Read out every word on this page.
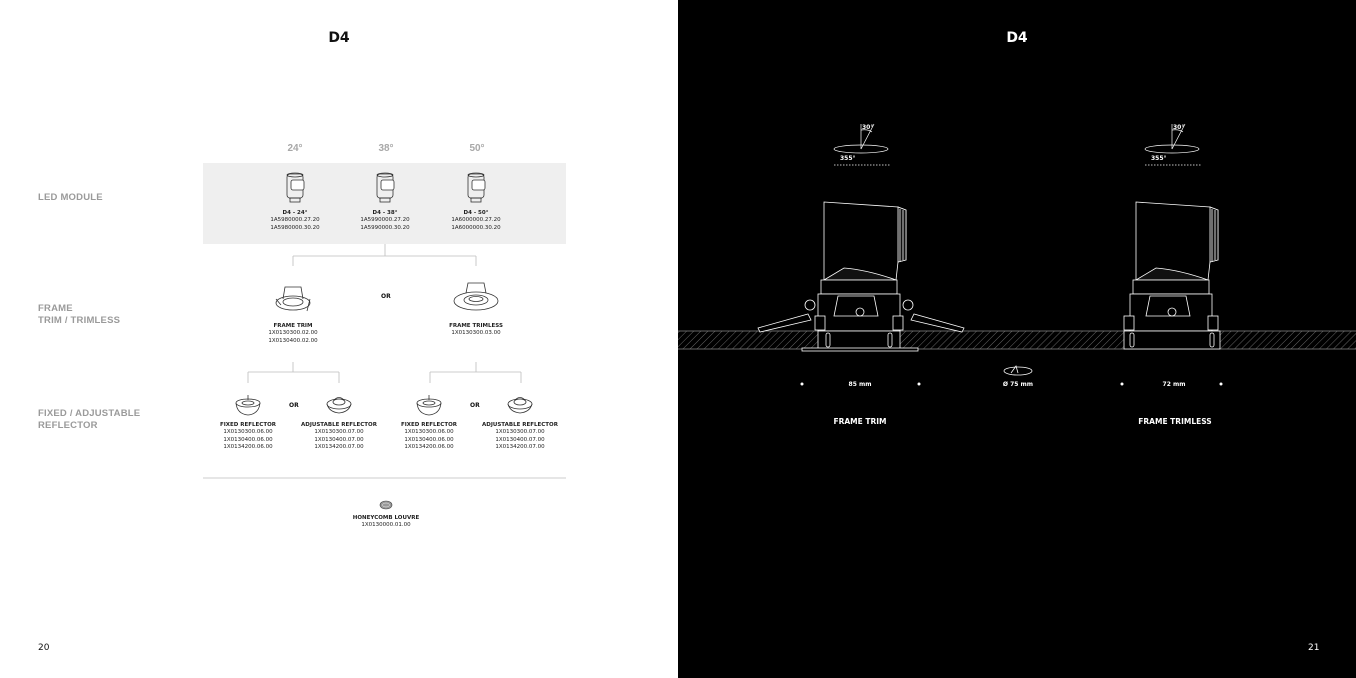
D4
LED MODULE
FRAME
TRIM / TRIMLESS
FIXED / ADJUSTABLE
REFLECTOR
24°	38°	50°
D4 - 24°
1A5980000.27.20
1A5980000.30.20
D4 - 38°
1A5990000.27.20
1A5990000.30.20
D4 - 50°
1A6000000.27.20
1A6000000.30.20
FRAME TRIM
1X0130300.02.00
1X0130400.02.00
OR
FRAME TRIMLESS
1X0130300.03.00
FIXED REFLECTOR
1X0130300.06.00
1X0130400.06.00
1X0134200.06.00
OR
ADJUSTABLE REFLECTOR
1X0130300.07.00
1X0130400.07.00
1X0134200.07.00
FIXED REFLECTOR
1X0130300.06.00
1X0130400.06.00
1X0134200.06.00
OR
ADJUSTABLE REFLECTOR
1X0130300.07.00
1X0130400.07.00
1X0134200.07.00
HONEYCOMB LOUVRE
1X0130000.01.00
20
D4
30°
355°
30°
355°
85 mm	Ø 75 mm	72 mm
FRAME TRIM	FRAME TRIMLESS
21
